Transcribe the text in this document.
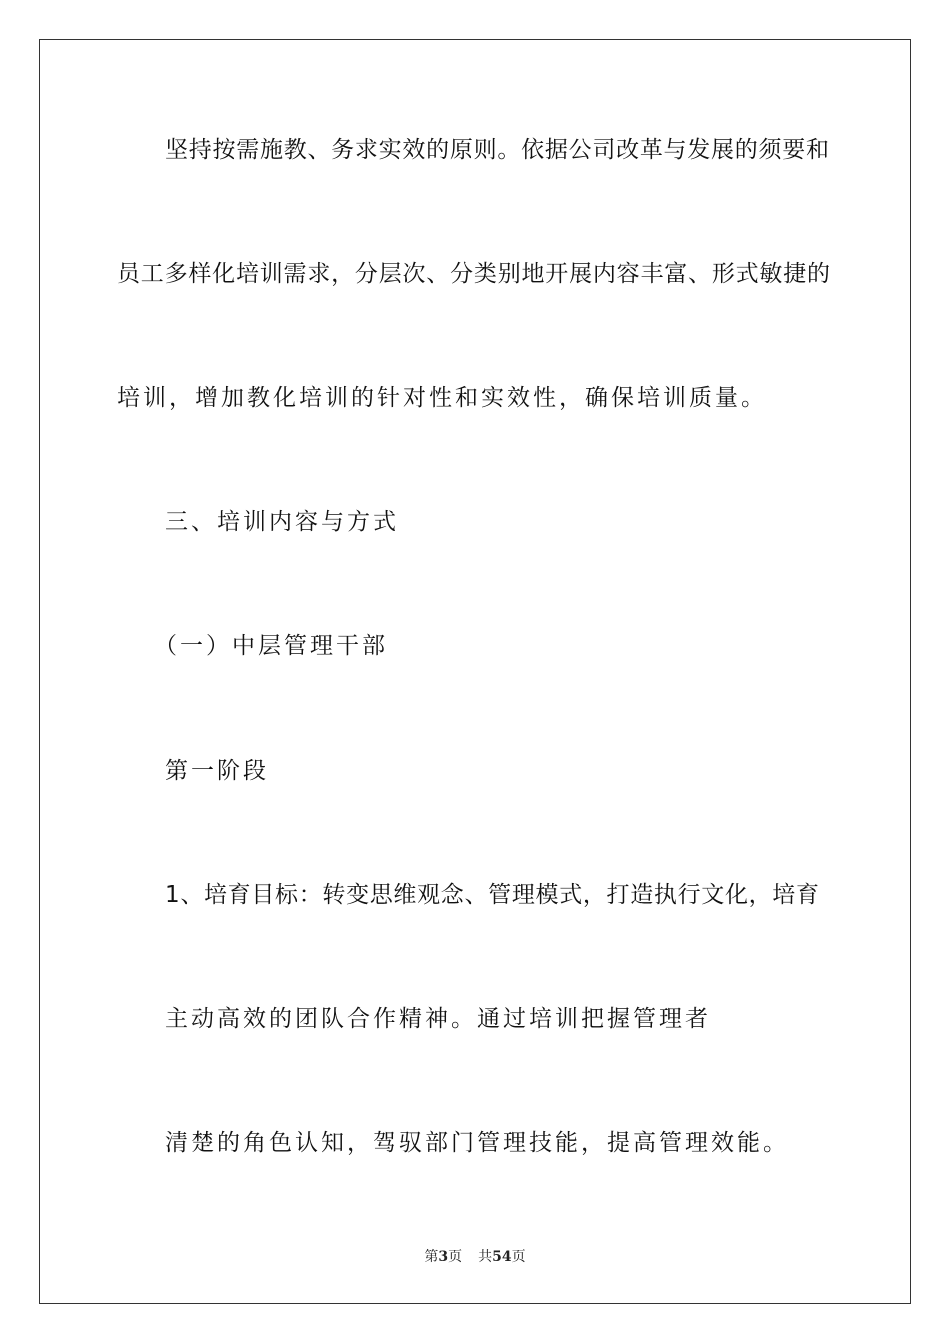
坚持按需施教、务求实效的原则。依据公司改革与发展的须要和
员工多样化培训需求，分层次、分类别地开展内容丰富、形式敏捷的
培训，增加教化培训的针对性和实效性，确保培训质量。
三、培训内容与方式
（一）中层管理干部
第一阶段
1、培育目标：转变思维观念、管理模式，打造执行文化，培育
主动高效的团队合作精神。通过培训把握管理者
清楚的角色认知，驾驭部门管理技能，提高管理效能。
第3页 共54页
